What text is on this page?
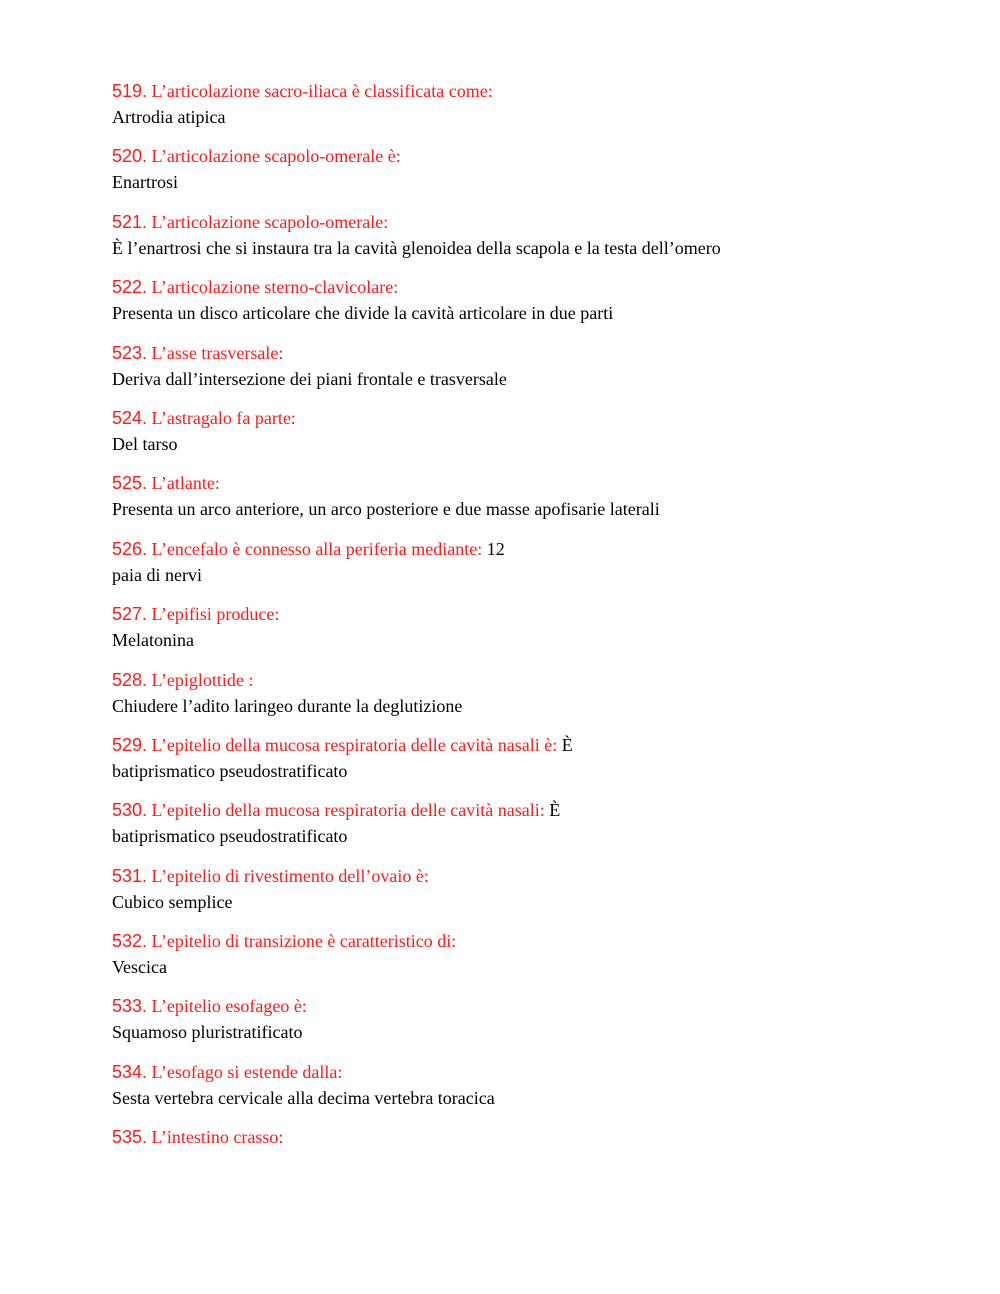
519. L’articolazione sacro-iliaca è classificata come:
Artrodia atipica
520. L’articolazione scapolo-omerale è:
Enartrosi
521. L’articolazione scapolo-omerale:
È l’enartrosi che si instaura tra la cavità glenoidea della scapola e la testa dell’omero
522. L’articolazione sterno-clavicolare:
Presenta un disco articolare che divide la cavità articolare in due parti
523. L’asse trasversale:
Deriva dall’intersezione dei piani frontale e trasversale
524. L’astragalo fa parte:
Del tarso
525. L’atlante:
Presenta un arco anteriore, un arco posteriore e due masse apofisarie laterali
526. L’encefalo è connesso alla periferia mediante: 12
paia di nervi
527. L’epifisi produce:
Melatonina
528. L’epiglottide :
Chiudere l’adito laringeo durante la deglutizione
529. L’epitelio della mucosa respiratoria delle cavità nasali è: È
batiprismatico pseudostratificato
530. L’epitelio della mucosa respiratoria delle cavità nasali: È
batiprismatico pseudostratificato
531. L’epitelio di rivestimento dell’ovaio è:
Cubico semplice
532. L’epitelio di transizione è caratteristico di:
Vescica
533. L’epitelio esofageo è:
Squamoso pluristratificato
534. L’esofago si estende dalla:
Sesta vertebra cervicale alla decima vertebra toracica
535. L’intestino crasso:
